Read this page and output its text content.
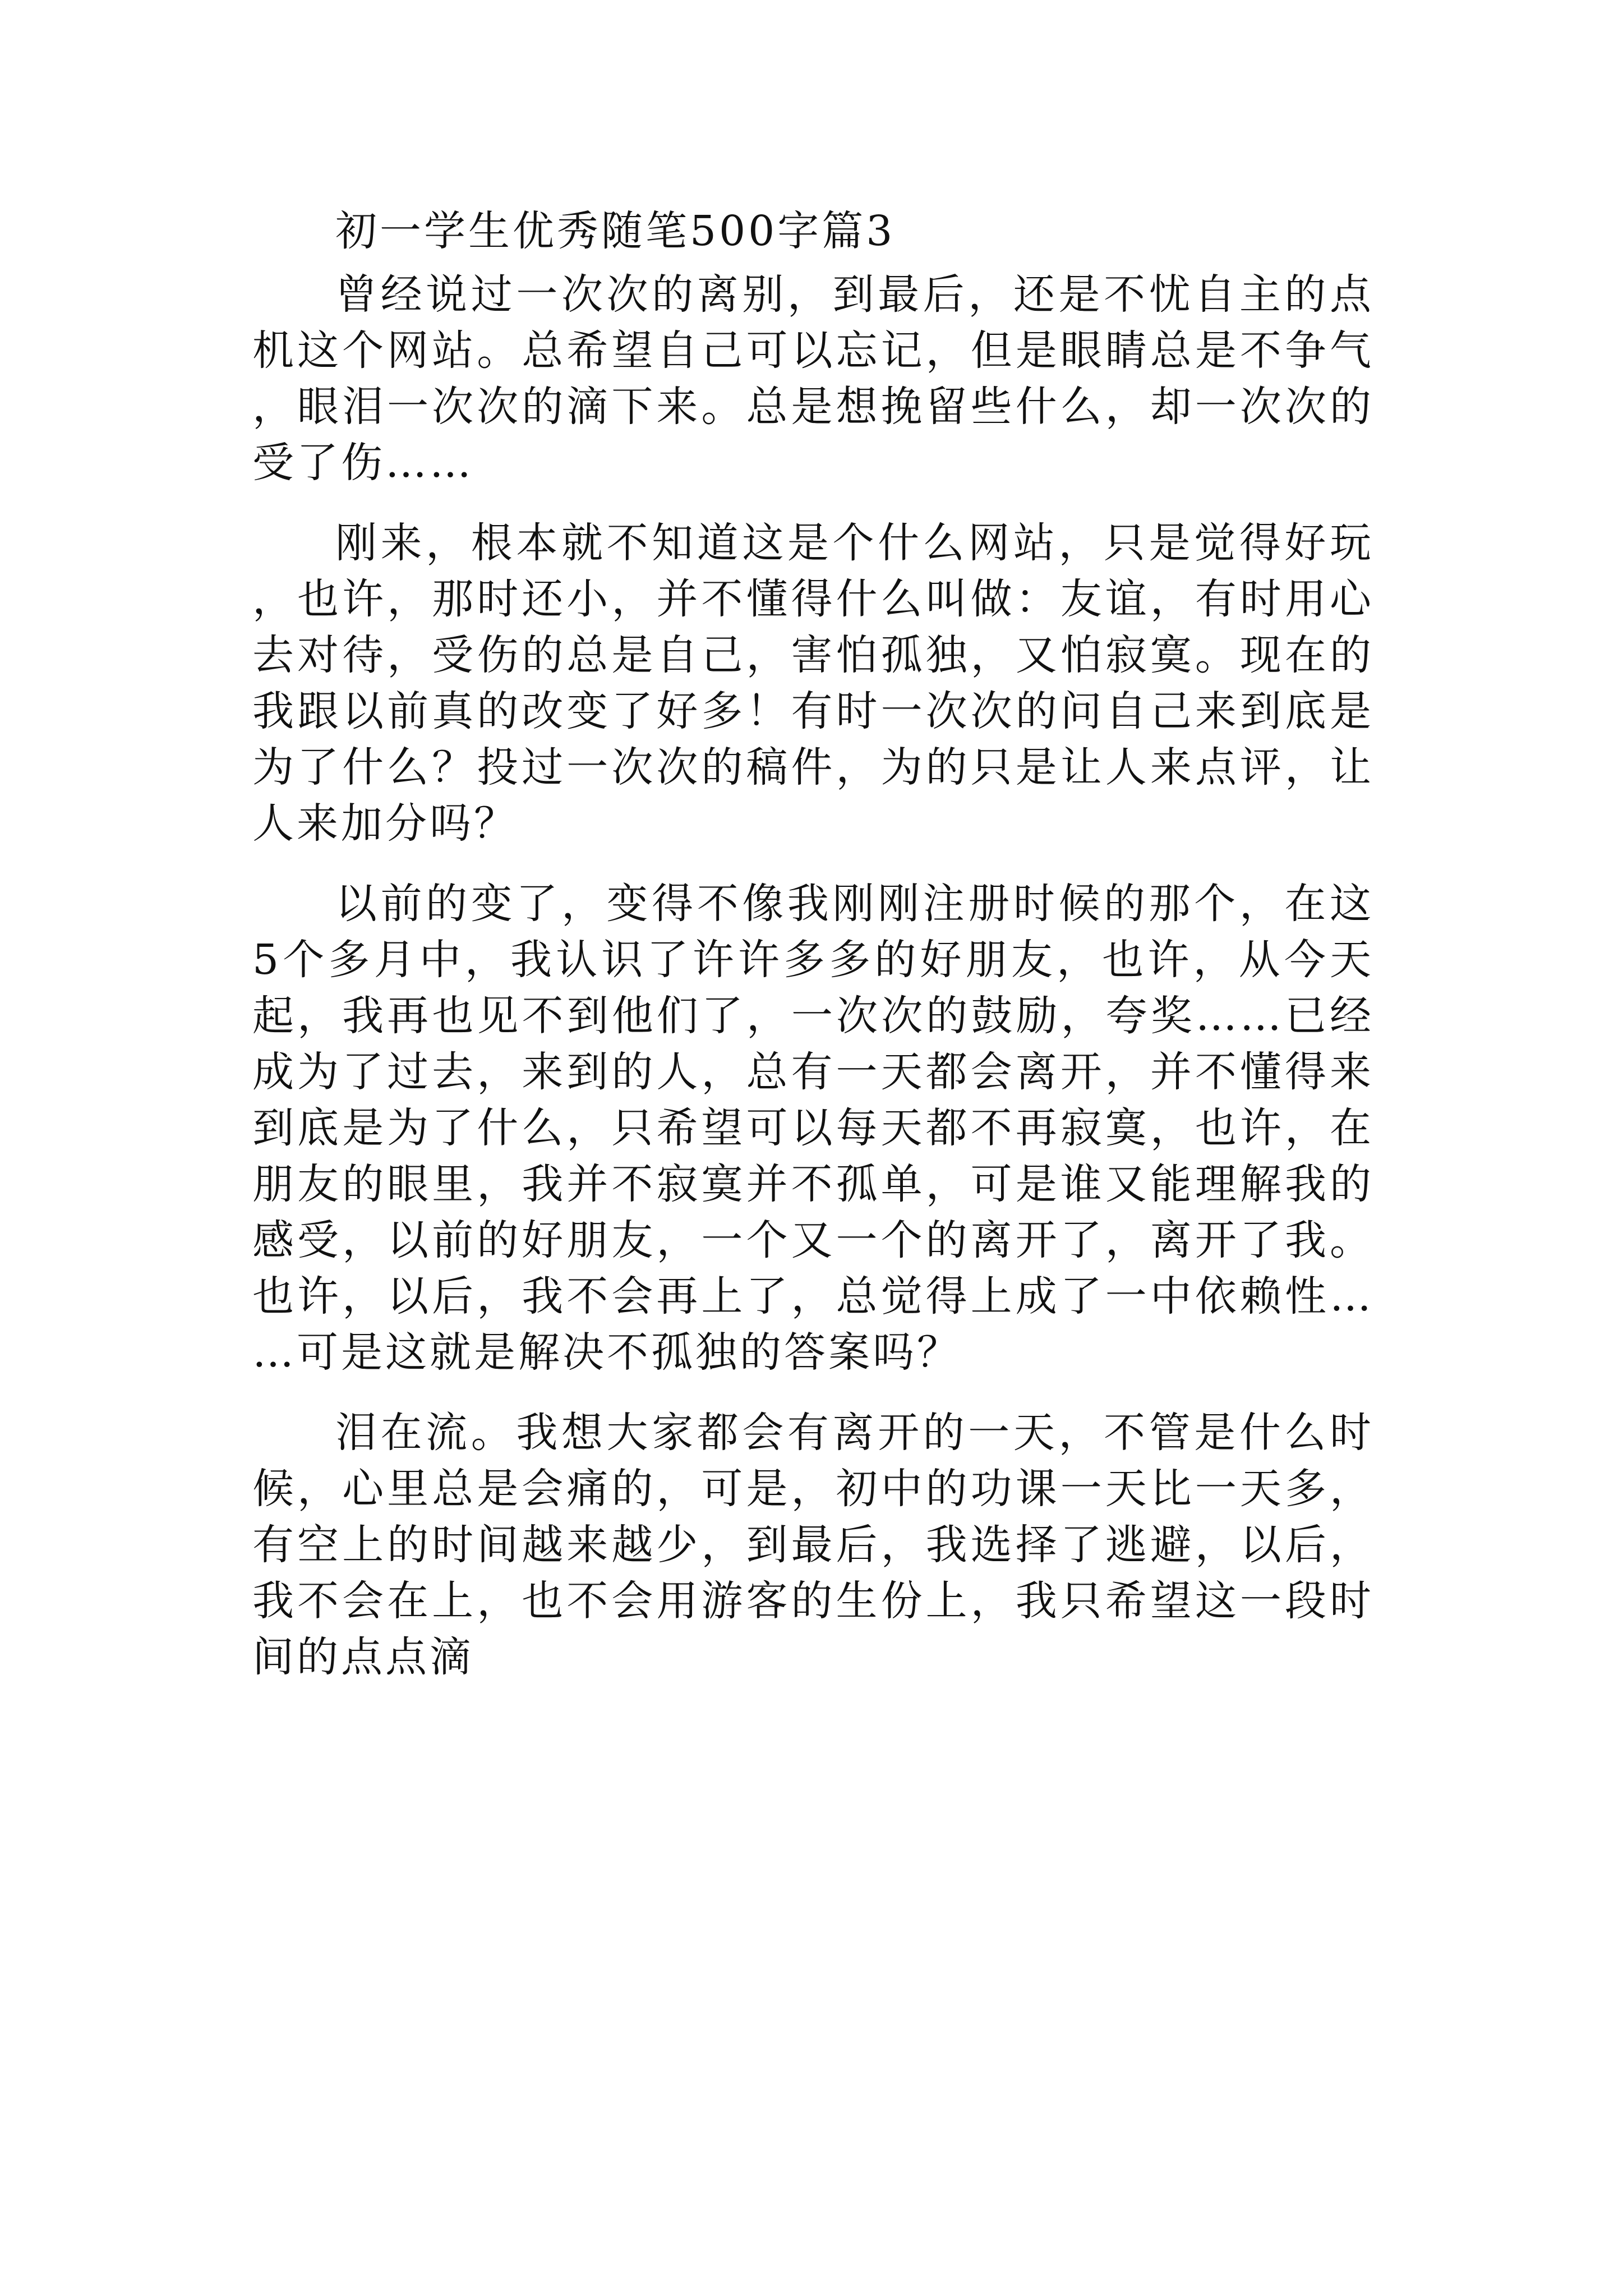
初一学生优秀随笔500字篇3

曾经说过一次次的离别，到最后，还是不忧自主的点机这个网站。总希望自己可以忘记，但是眼睛总是不争气，眼泪一次次的滴下来。总是想挽留些什么，却一次次的受了伤……

刚来，根本就不知道这是个什么网站，只是觉得好玩，也许，那时还小，并不懂得什么叫做：友谊，有时用心去对待，受伤的总是自己，害怕孤独，又怕寂寞。现在的我跟以前真的改变了好多！有时一次次的问自己来到底是为了什么？投过一次次的稿件，为的只是让人来点评，让人来加分吗？

以前的变了，变得不像我刚刚注册时候的那个，在这5个多月中，我认识了许许多多的好朋友，也许，从今天起，我再也见不到他们了，一次次的鼓励，夸奖……已经成为了过去，来到的人，总有一天都会离开，并不懂得来到底是为了什么，只希望可以每天都不再寂寞，也许，在朋友的眼里，我并不寂寞并不孤单，可是谁又能理解我的感受，以前的好朋友，一个又一个的离开了，离开了我。也许，以后，我不会再上了，总觉得上成了一中依赖性……可是这就是解决不孤独的答案吗？

泪在流。我想大家都会有离开的一天，不管是什么时候，心里总是会痛的，可是，初中的功课一天比一天多，有空上的时间越来越少，到最后，我选择了逃避，以后，我不会在上，也不会用游客的生份上，我只希望这一段时间的点点滴
